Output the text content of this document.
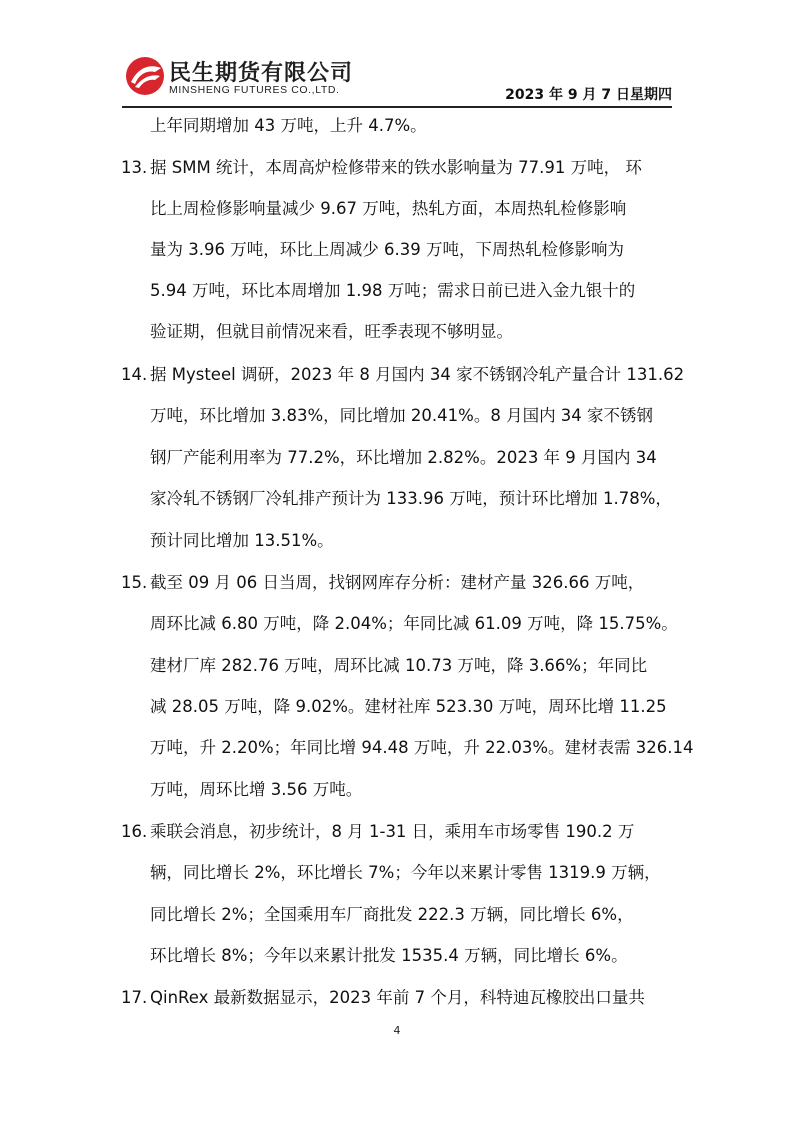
民生期货有限公司
MINSHENG FUTURES CO.,LTD.	2023 年 9 月 7 日星期四
上年同期增加 43 万吨，上升 4.7%。
13. 据 SMM 统计，本周高炉检修带来的铁水影响量为 77.91 万吨， 环
比上周检修影响量减少 9.67 万吨，热轧方面，本周热轧检修影响
量为 3.96 万吨，环比上周减少 6.39 万吨，下周热轧检修影响为
5.94 万吨，环比本周增加 1.98 万吨；需求日前已进入金九银十的
验证期，但就目前情况来看，旺季表现不够明显。
14. 据 Mysteel 调研，2023 年 8 月国内 34 家不锈钢冷轧产量合计 131.62
万吨，环比增加 3.83%，同比增加 20.41%。8 月国内 34 家不锈钢
钢厂产能利用率为 77.2%，环比增加 2.82%。2023 年 9 月国内 34
家冷轧不锈钢厂冷轧排产预计为 133.96 万吨，预计环比增加 1.78%，
预计同比增加 13.51%。
15. 截至 09 月 06 日当周，找钢网库存分析：建材产量 326.66 万吨，
周环比减 6.80 万吨，降 2.04%；年同比减 61.09 万吨，降 15.75%。
建材厂库 282.76 万吨，周环比减 10.73 万吨，降 3.66%；年同比
减 28.05 万吨，降 9.02%。建材社库 523.30 万吨，周环比增 11.25
万吨，升 2.20%；年同比增 94.48 万吨，升 22.03%。建材表需 326.14
万吨，周环比增 3.56 万吨。
16. 乘联会消息，初步统计，8 月 1-31 日，乘用车市场零售 190.2 万
辆，同比增长 2%，环比增长 7%；今年以来累计零售 1319.9 万辆，
同比增长 2%；全国乘用车厂商批发 222.3 万辆，同比增长 6%，
环比增长 8%；今年以来累计批发 1535.4 万辆，同比增长 6%。
17. QinRex 最新数据显示，2023 年前 7 个月，科特迪瓦橡胶出口量共
4
